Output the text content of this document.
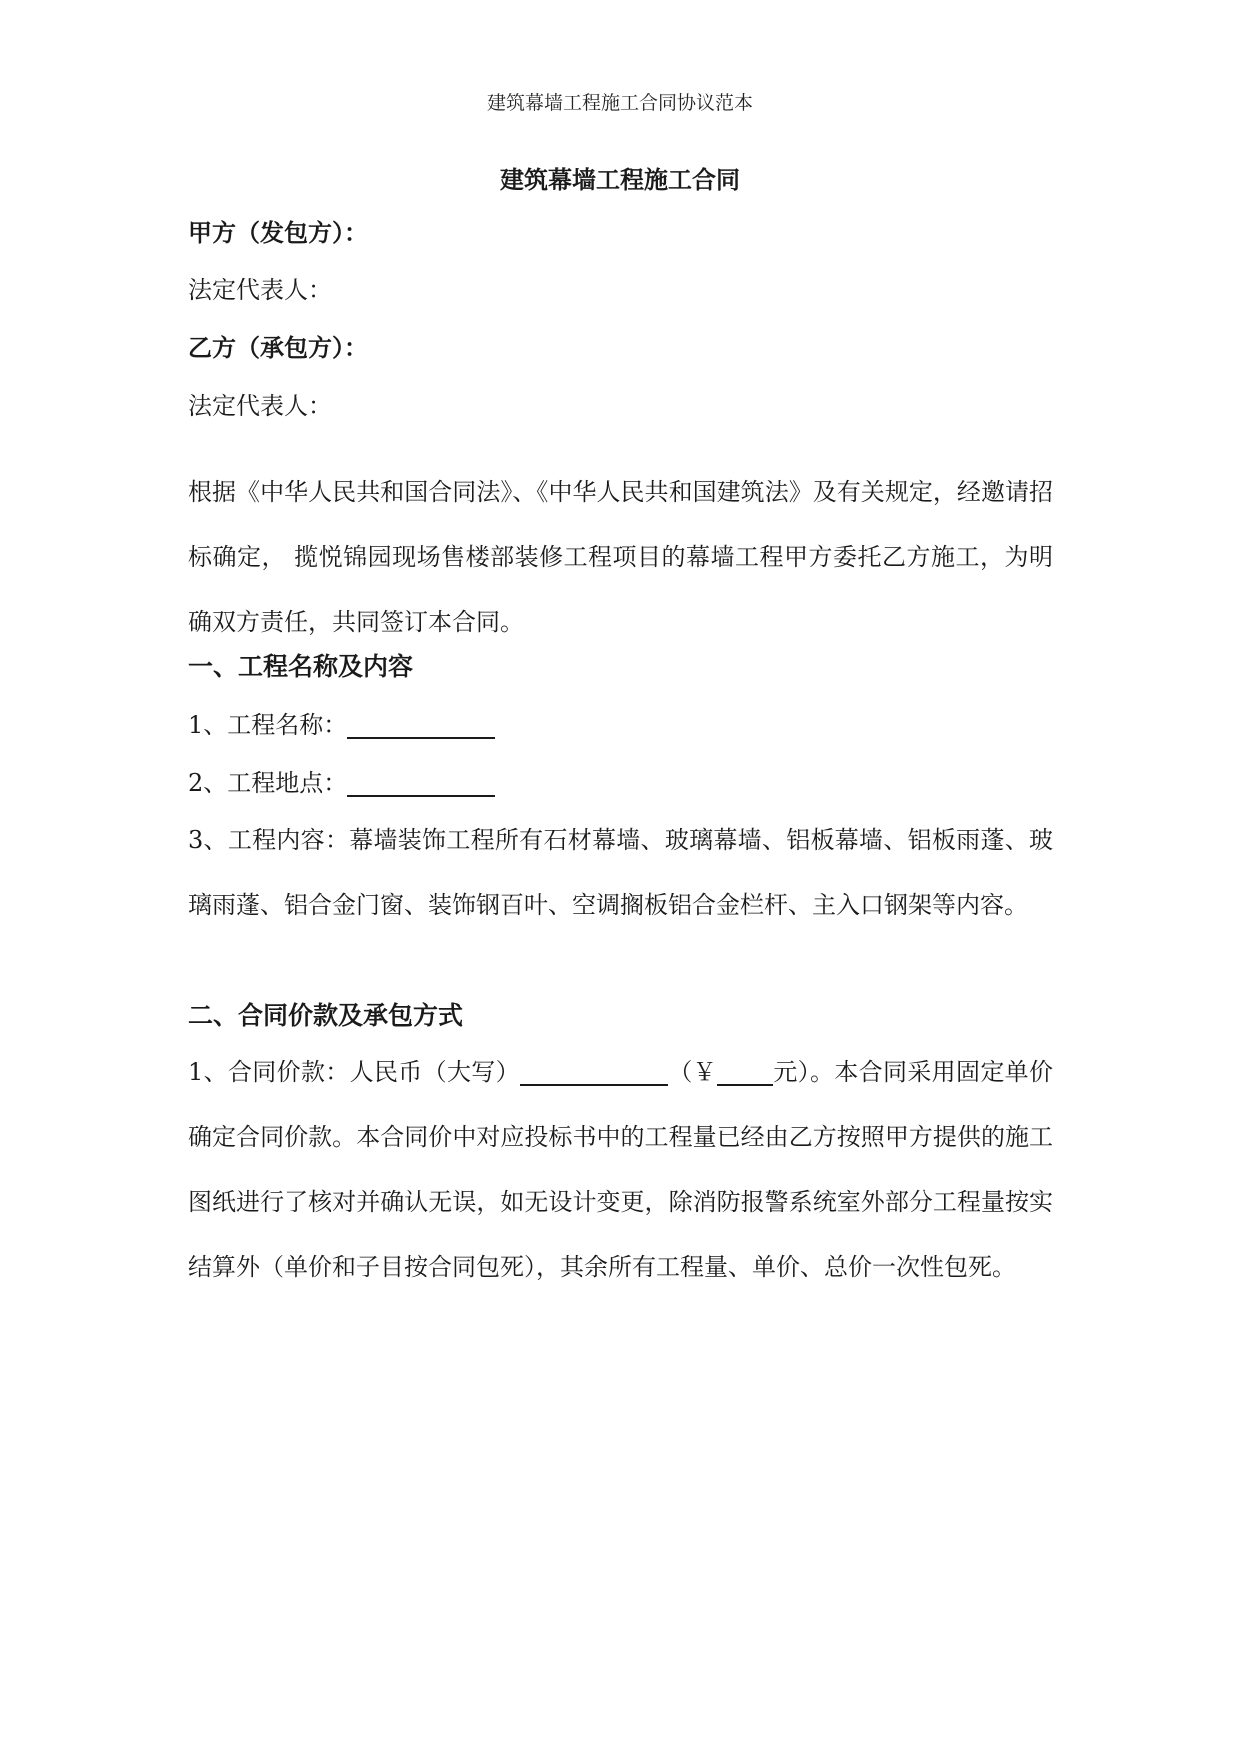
建筑幕墙工程施工合同协议范本
建筑幕墙工程施工合同
甲方（发包方）：
法定代表人：
乙方（承包方）：
法定代表人：

根据《中华人民共和国合同法》、《中华人民共和国建筑法》及有关规定，经邀请招标确定， 揽悦锦园现场售楼部装修工程项目的幕墙工程甲方委托乙方施工，为明确双方责任，共同签订本合同。

一、工程名称及内容
1、工程名称：
2、工程地点：

3、工程内容：幕墙装饰工程所有石材幕墙、玻璃幕墙、铝板幕墙、铝板雨蓬、玻璃雨蓬、铝合金门窗、装饰钢百叶、空调搁板铝合金栏杆、主入口钢架等内容。

二、合同价款及承包方式

1、合同价款：人民币（大写）	（￥ 元）。本合同采用固定单价确定合同价款。本合同价中对应投标书中的工程量已经由乙方按照甲方提供的施工图纸进行了核对并确认无误，如无设计变更，除消防报警系统室外部分工程量按实结算外（单价和子目按合同包死），其余所有工程量、单价、总价一次性包死。
